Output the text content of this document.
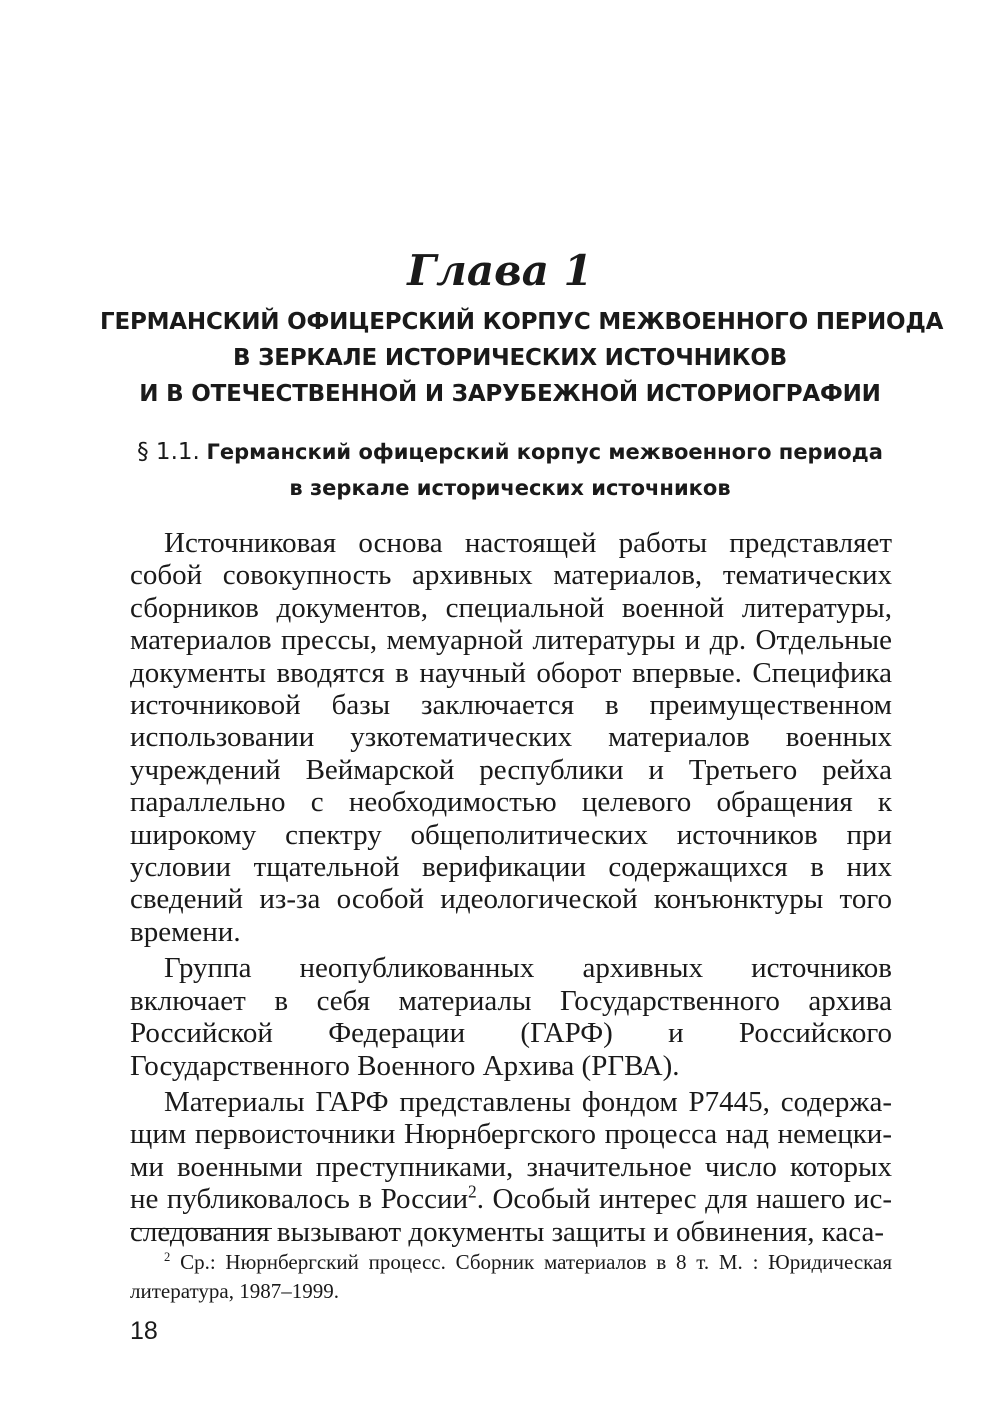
Глава 1
ГЕРМАНСКИЙ ОФИЦЕРСКИЙ КОРПУС МЕЖВОЕННОГО ПЕРИОДА
В ЗЕРКАЛЕ ИСТОРИЧЕСКИХ ИСТОЧНИКОВ
И В ОТЕЧЕСТВЕННОЙ И ЗАРУБЕЖНОЙ ИСТОРИОГРАФИИ
§ 1.1. Германский офицерский корпус межвоенного периода
в зеркале исторических источников

Источниковая основа настоящей работы представляет собой совокупность архивных материалов, тематических сборников документов, специальной военной литературы, материалов прессы, мемуарной литературы и др. Отдельные документы вводятся в научный оборот впервые. Специфика источниковой базы заключается в преимущественном использовании узкотематических материалов военных учреждений Веймарской республики и Третьего рейха параллельно с необходимостью целевого обращения к широкому спектру общеполитических источников при условии тщательной верификации содержащихся в них сведений из-за особой идеологической конъюнктуры того времени.

Группа неопубликованных архивных источников включает в себя материалы Государственного архива Российской Федерации (ГАРФ) и Российского Государственного Военного Архива (РГВА).

Материалы ГАРФ представлены фондом Р7445, содержащим первоисточники Нюрнбергского процесса над немецкими военными преступниками, значительное число которых не публиковалось в России$^2$. Особый интерес для нашего исследования вызывают документы защиты и обвинения, каса-

$^2$ Ср.: Нюрнбергский процесс. Сборник материалов в 8 т. М. : Юридическая литература, 1987–1999.
18
